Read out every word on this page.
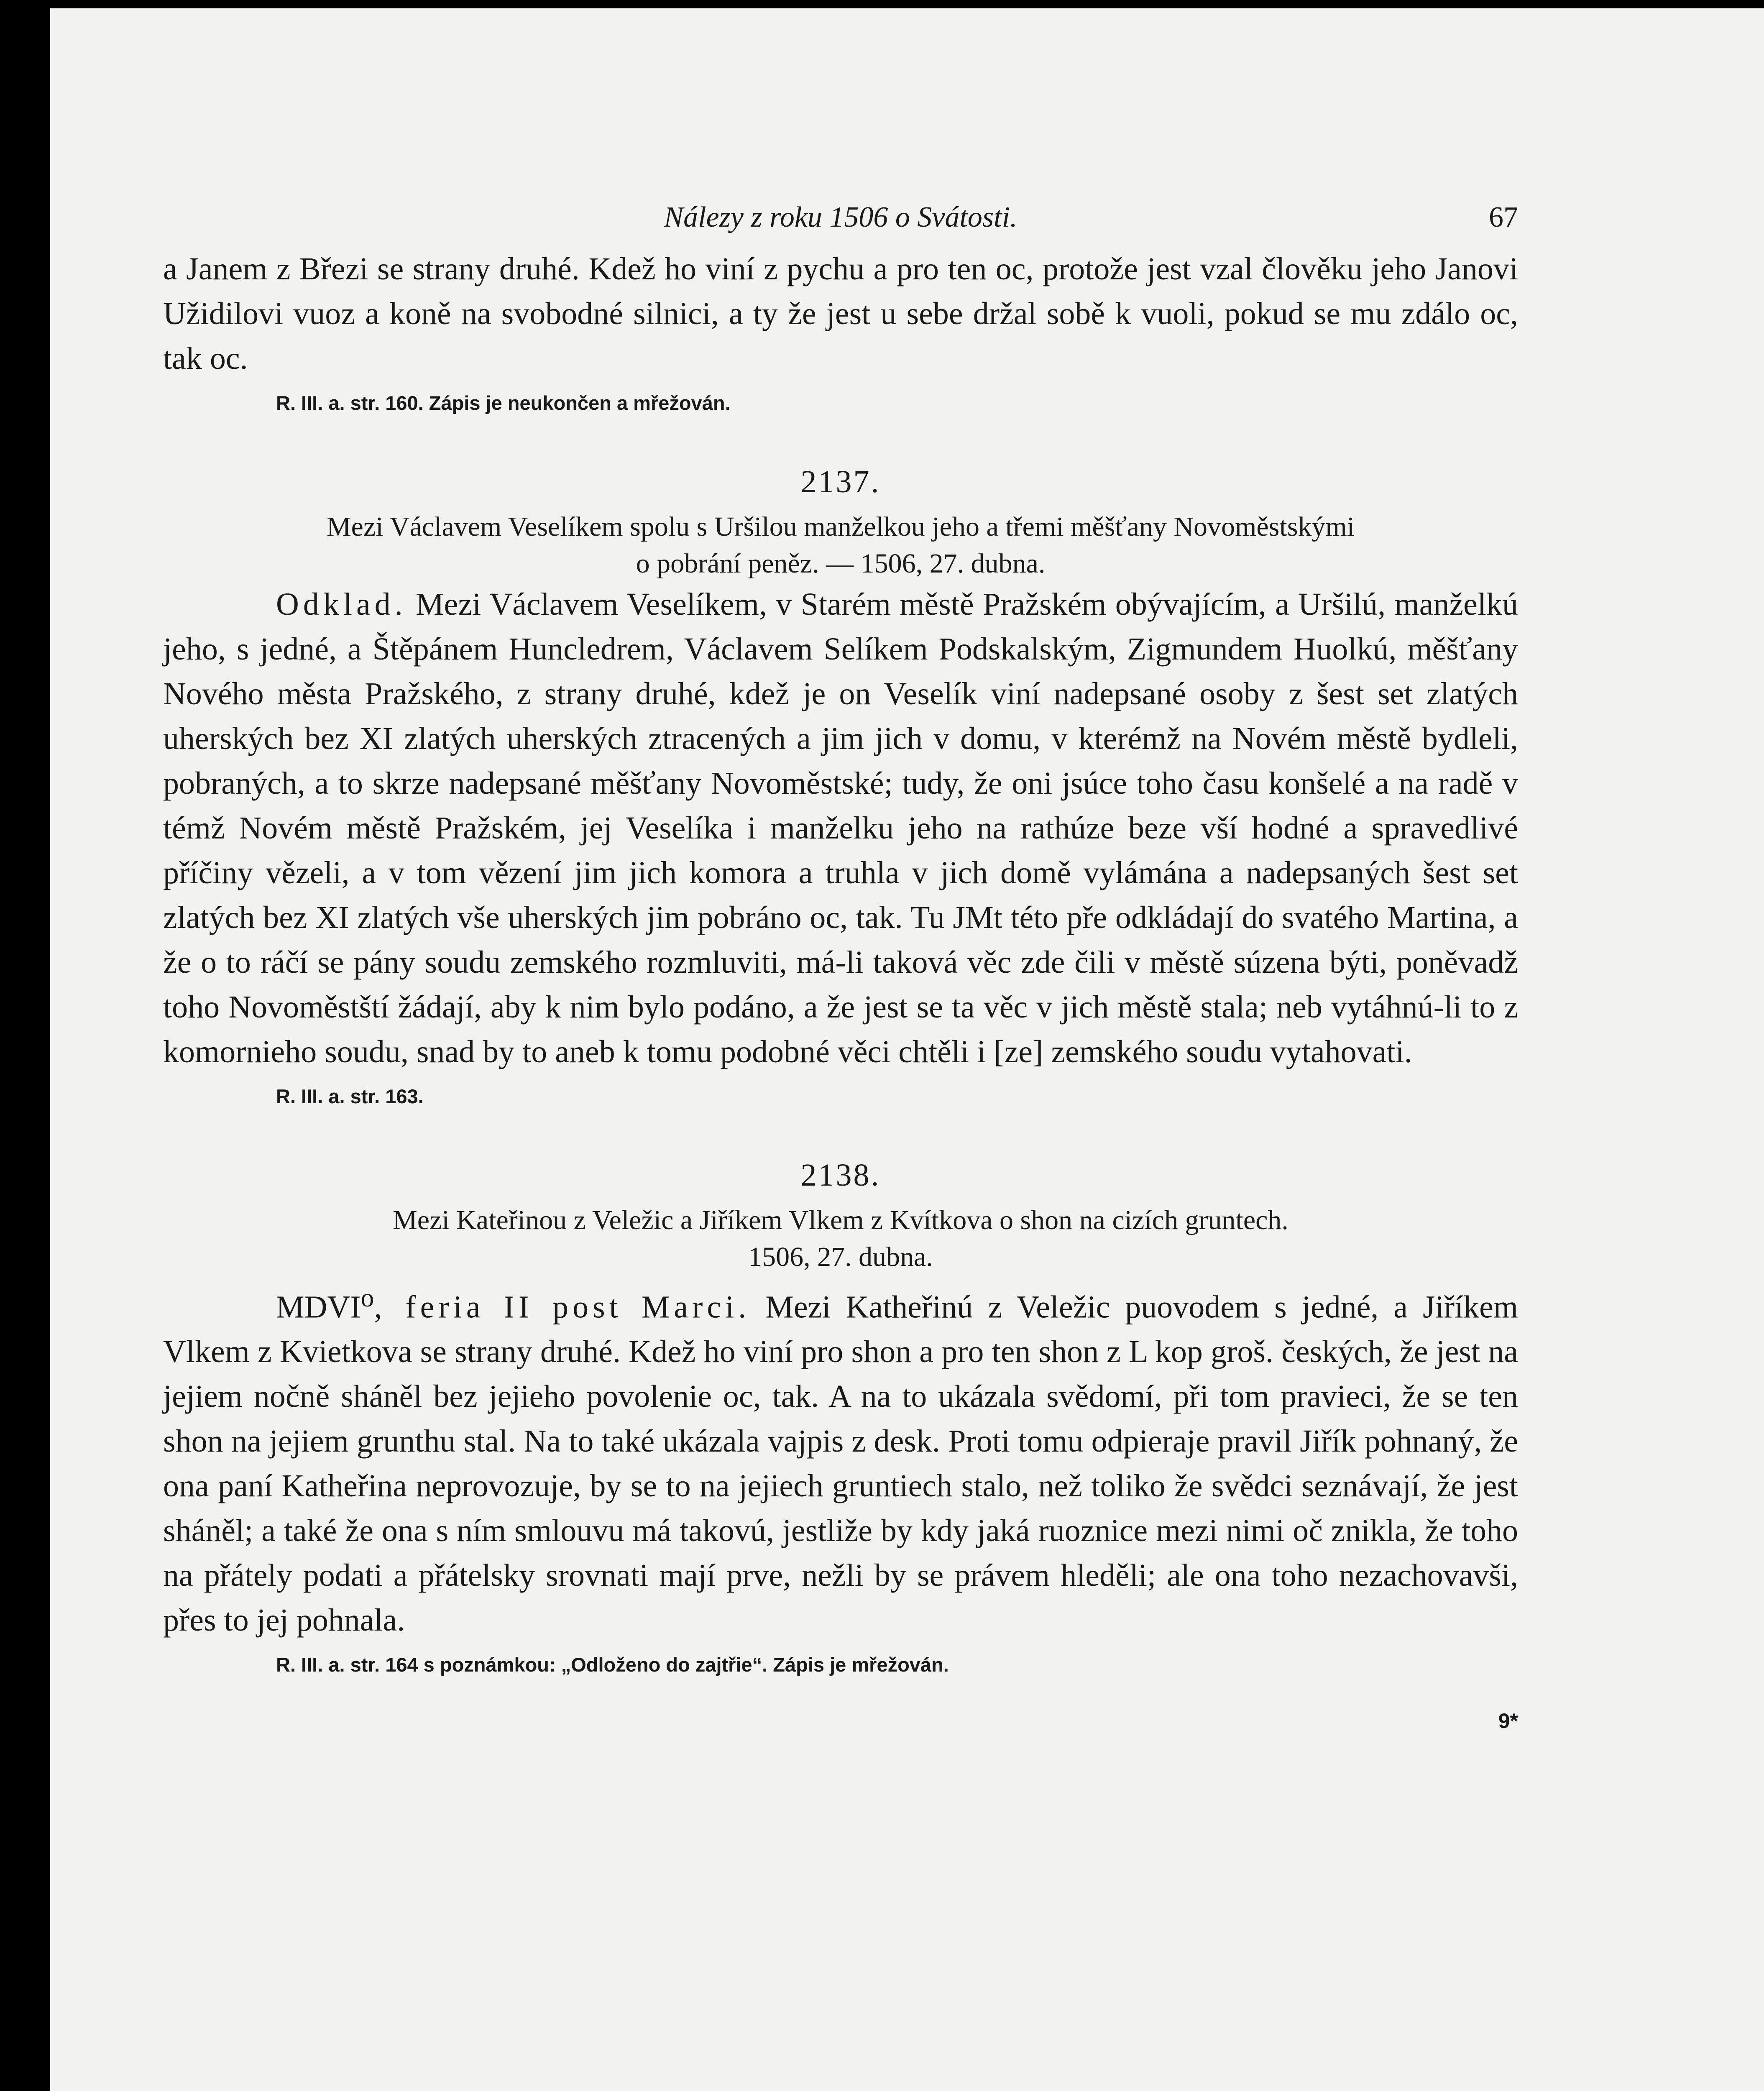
Nálezy z roku 1506 o Svátosti.	67

a Janem z Březi se strany druhé. Kdež ho viní z pychu a pro ten oc, protože jest vzal člověku jeho Janovi Užidilovi vuoz a koně na svobodné silnici, a ty že jest u sebe držal sobě k vuoli, pokud se mu zdálo oc, tak oc.

R. III. a. str. 160. Zápis je neukončen a mřežován.
2137.
Mezi Václavem Veselíkem spolu s Uršilou manželkou jeho a třemi měšťany Novoměstskými
o pobrání peněz. — 1506, 27. dubna.

Odklad. Mezi Václavem Veselíkem, v Starém městě Pražském obývajícím, a Uršilú, manželkú jeho, s jedné, a Štěpánem Huncledrem, Václavem Selíkem Podskalským, Zigmundem Huolkú, měšťany Nového města Pražského, z strany druhé, kdež je on Veselík viní nadepsané osoby z šest set zlatých uherských bez XI zlatých uherských ztracených a jim jich v domu, v kterémž na Novém městě bydleli, pobraných, a to skrze nadepsané měšťany Novoměstské; tudy, že oni jsúce toho času konšelé a na radě v témž Novém městě Pražském, jej Veselíka i manželku jeho na rathúze beze vší hodné a spravedlivé příčiny vězeli, a v tom vězení jim jich komora a truhla v jich domě vylámána a nadepsaných šest set zlatých bez XI zlatých vše uherských jim pobráno oc, tak. Tu JMt této pře odkládají do svatého Martina, a že o to ráčí se pány soudu zemského rozmluviti, má-li taková věc zde čili v městě súzena býti, poněvadž toho Novoměstští žádají, aby k nim bylo podáno, a že jest se ta věc v jich městě stala; neb vytáhnú-li to z komornieho soudu, snad by to aneb k tomu podobné věci chtěli i [ze] zemského soudu vytahovati.

R. III. a. str. 163.
2138.
Mezi Kateřinou z Veležic a Jiříkem Vlkem z Kvítkova o shon na cizích gruntech.
1506, 27. dubna.

MDVI$^o$, feria II post Marci. Mezi Katheřinú z Veležic puovodem s jedné, a Jiříkem Vlkem z Kvietkova se strany druhé. Kdež ho viní pro shon a pro ten shon z L kop groš. českých, že jest na jejiem nočně sháněl bez jejieho povolenie oc, tak. A na to ukázala svědomí, při tom pravieci, že se ten shon na jejiem grunthu stal. Na to také ukázala vajpis z desk. Proti tomu odpieraje pravil Jiřík pohnaný, že ona paní Katheřina neprovozuje, by se to na jejiech gruntiech stalo, než toliko že svědci seznávají, že jest sháněl; a také že ona s ním smlouvu má takovú, jestliže by kdy jaká ruoznice mezi nimi oč znikla, že toho na přátely podati a přátelsky srovnati mají prve, nežli by se právem hleděli; ale ona toho nezachovavši, přes to jej pohnala.

R. III. a. str. 164 s poznámkou: „Odloženo do zajtřie“. Zápis je mřežován.
9*
